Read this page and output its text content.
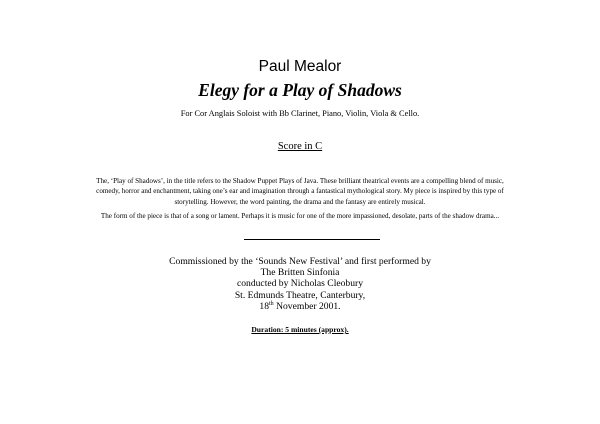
Paul Mealor
Elegy for a Play of Shadows
For Cor Anglais Soloist with Bb Clarinet, Piano, Violin, Viola & Cello.
Score in C
The, ‘Play of Shadows’, in the title refers to the Shadow Puppet Plays of Java. These brilliant theatrical events are a compelling blend of music, comedy, horror and enchantment, taking one’s ear and imagination through a fantastical mythological story. My piece is inspired by this type of storytelling. However, the word painting, the drama and the fantasy are entirely musical.
The form of the piece is that of a song or lament. Perhaps it is music for one of the more impassioned, desolate, parts of the shadow drama...
Commissioned by the ‘Sounds New Festival’ and first performed by
The Britten Sinfonia
conducted by Nicholas Cleobury
St. Edmunds Theatre, Canterbury,
18th November 2001.
Duration: 5 minutes (approx).
